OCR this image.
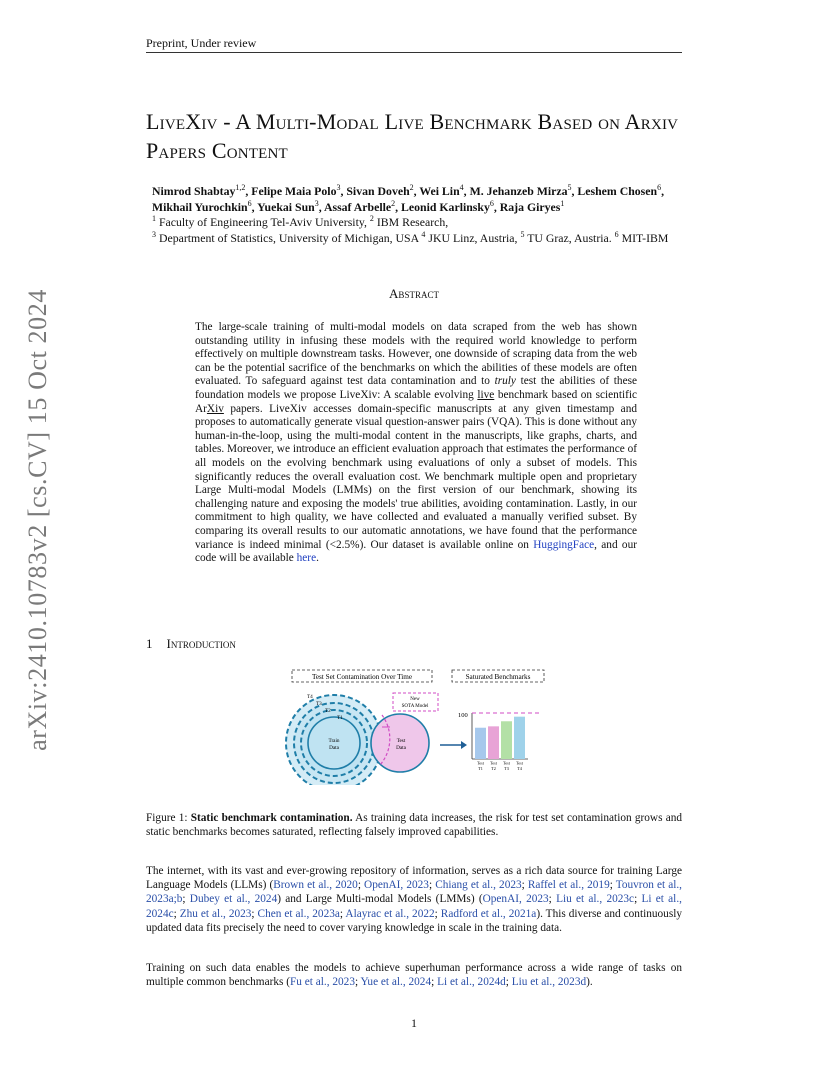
arXiv:2410.10783v2 [cs.CV] 15 Oct 2024
Preprint, Under review
LiveXiv - A Multi-Modal Live Benchmark Based on Arxiv Papers Content
Nimrod Shabtay$^{1,2}$, Felipe Maia Polo$^3$, Sivan Doveh$^2$, Wei Lin$^4$, M. Jehanzeb Mirza$^5$, Leshem Chosen$^6$,
Mikhail Yurochkin$^6$, Yuekai Sun$^3$, Assaf Arbelle$^2$, Leonid Karlinsky$^6$, Raja Giryes$^1$
$^1$ Faculty of Engineering Tel-Aviv University, $^2$ IBM Research,
$^3$ Department of Statistics, University of Michigan, USA $^4$ JKU Linz, Austria, $^5$ TU Graz, Austria. $^6$ MIT-IBM
Abstract
The large-scale training of multi-modal models on data scraped from the web has shown outstanding utility in infusing these models with the required world knowledge to perform effectively on multiple downstream tasks. However, one downside of scraping data from the web can be the potential sacrifice of the benchmarks on which the abilities of these models are often evaluated. To safeguard against test data contamination and to truly test the abilities of these foundation models we propose LiveXiv: A scalable evolving live benchmark based on scientific ArXiv papers. LiveXiv accesses domain-specific manuscripts at any given timestamp and proposes to automatically generate visual question-answer pairs (VQA). This is done without any human-in-the-loop, using the multi-modal content in the manuscripts, like graphs, charts, and tables. Moreover, we introduce an efficient evaluation approach that estimates the performance of all models on the evolving benchmark using evaluations of only a subset of models. This significantly reduces the overall evaluation cost. We benchmark multiple open and proprietary Large Multi-modal Models (LMMs) on the first version of our benchmark, showing its challenging nature and exposing the models' true abilities, avoiding contamination. Lastly, in our commitment to high quality, we have collected and evaluated a manually verified subset. By comparing its overall results to our automatic annotations, we have found that the performance variance is indeed minimal (<2.5%). Our dataset is available online on HuggingFace, and our code will be available here.
1 Introduction
Test Set Contamination Over Time	Saturated Benchmarks
T4
T3
T2
T1
Train
Data
Test
Data
New
SOTA Model
100
Test
T1
Test
T2
Test
T3
Test
T4
Figure 1: Static benchmark contamination. As training data increases, the risk for test set contamination grows and static benchmarks becomes saturated, reflecting falsely improved capabilities.
The internet, with its vast and ever-growing repository of information, serves as a rich data source for training Large Language Models (LLMs) (Brown et al., 2020; OpenAI, 2023; Chiang et al., 2023; Raffel et al., 2019; Touvron et al., 2023a;b; Dubey et al., 2024) and Large Multi-modal Models (LMMs) (OpenAI, 2023; Liu et al., 2023c; Li et al., 2024c; Zhu et al., 2023; Chen et al., 2023a; Alayrac et al., 2022; Radford et al., 2021a). This diverse and continuously updated data fits precisely the need to cover varying knowledge in scale in the training data.
Training on such data enables the models to achieve superhuman performance across a wide range of tasks on multiple common benchmarks (Fu et al., 2023; Yue et al., 2024; Li et al., 2024d; Liu et al., 2023d).
1
